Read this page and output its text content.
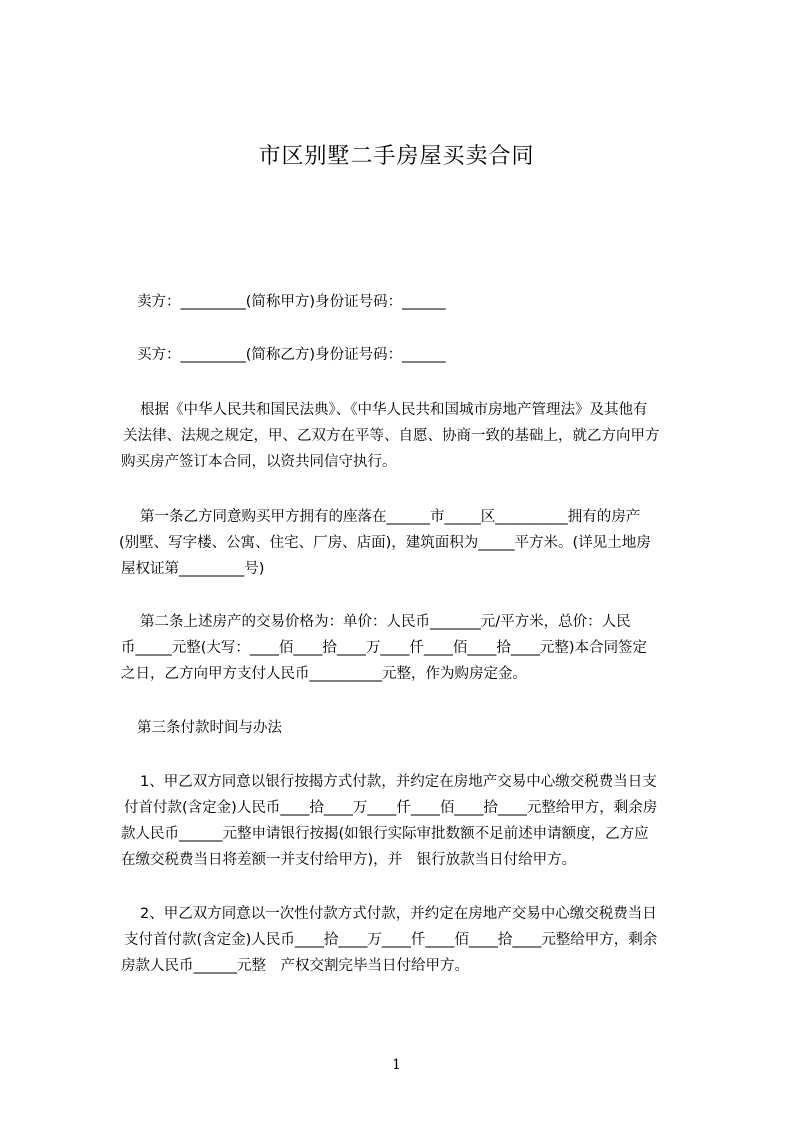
市区别墅二手房屋买卖合同

卖方：_________(简称甲方)身份证号码：______

买方：_________(简称乙方)身份证号码：______

根据《中华人民共和国民法典》、《中华人民共和国城市房地产管理法》及其他有

关法律、法规之规定，甲、乙双方在平等、自愿、协商一致的基础上，就乙方向甲方

购买房产签订本合同，以资共同信守执行。

第一条乙方同意购买甲方拥有的座落在______市_____区__________拥有的房产

(别墅、写字楼、公寓、住宅、厂房、店面)，建筑面积为_____平方米。(详见土地房

屋权证第_________号)

第二条上述房产的交易价格为：单价：人民币_______元/平方米，总价：人民

币_____元整(大写：____佰____拾____万____仟____佰____拾____元整)本合同签定

之日，乙方向甲方支付人民币__________元整，作为购房定金。

第三条付款时间与办法

1、甲乙双方同意以银行按揭方式付款，并约定在房地产交易中心缴交税费当日支

付首付款(含定金)人民币____拾____万____仟____佰____拾____元整给甲方，剩余房

款人民币______元整申请银行按揭(如银行实际审批数额不足前述申请额度，乙方应

在缴交税费当日将差额一并支付给甲方)，并　银行放款当日付给甲方。

2、甲乙双方同意以一次性付款方式付款，并约定在房地产交易中心缴交税费当日

支付首付款(含定金)人民币____拾____万____仟____佰____拾____元整给甲方，剩余

房款人民币______元整　产权交割完毕当日付给甲方。

1
